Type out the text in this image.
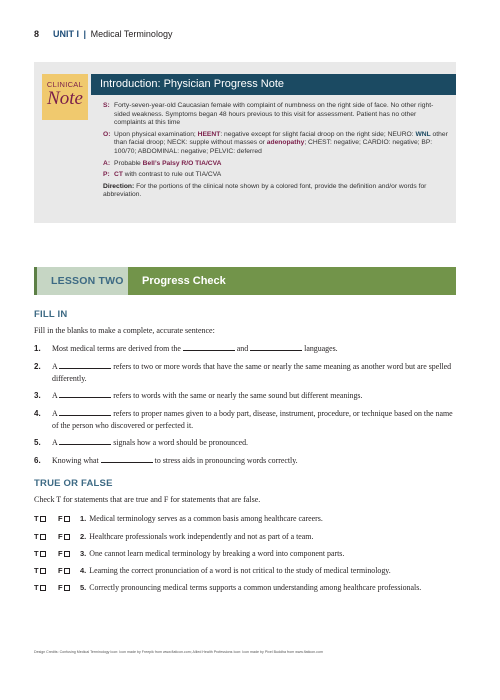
8 UNIT I | Medical Terminology
CLINICAL
Note
Introduction: Physician Progress Note
S: Forty-seven-year-old Caucasian female with complaint of numbness on the right side of face. No other right-sided weakness. Symptoms began 48 hours previous to this visit for assessment. Patient has no other complaints at this time
O: Upon physical examination; HEENT: negative except for slight facial droop on the right side; NEURO: WNL other than facial droop; NECK: supple without masses or adenopathy; CHEST: negative; CARDIO: negative; BP: 100/70; ABDOMINAL: negative; PELVIC: deferred
A: Probable Bell’s Palsy R/O TIA/CVA
P: CT with contrast to rule out TIA/CVA
Direction: For the portions of the clinical note shown by a colored font, provide the definition and/or words for abbreviation.
LESSON TWO	Progress Check
FILL IN
Fill in the blanks to make a complete, accurate sentence:
1. Most medical terms are derived from the	and	languages.
2. A	refers to two or more words that have the same or nearly the same meaning as another word but are spelled differently.
3. A	refers to words with the same or nearly the same sound but different meanings.
4. A	refers to proper names given to a body part, disease, instrument, procedure, or technique based on the name of the person who discovered or perfected it.
5. A	signals how a word should be pronounced.
6. Knowing what	to stress aids in pronouncing words correctly.
TRUE OR FALSE
Check T for statements that are true and F for statements that are false.
T	F 1. Medical terminology serves as a common basis among healthcare careers.
T	F 2. Healthcare professionals work independently and not as part of a team.
T	F 3. One cannot learn medical terminology by breaking a word into component parts.
T	F 4. Learning the correct pronunciation of a word is not critical to the study of medical terminology.
T	F 5. Correctly pronouncing medical terms supports a common understanding among healthcare professionals.
Design Credits: Confusing Medical Terminology Icon: Icon made by Freepik from www.flaticon.com; Allied Health Professions Icon: Icon made by Pixel Buddha from www.flaticon.com
